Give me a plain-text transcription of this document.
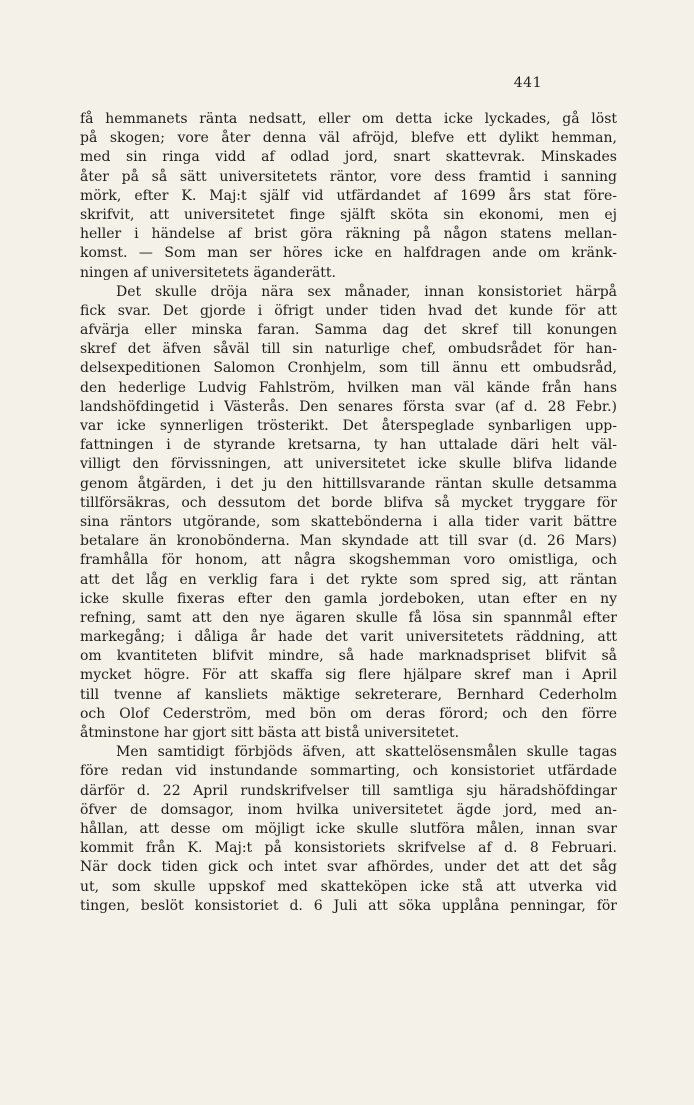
441
få hemmanets ränta nedsatt, eller om detta icke lyckades, gå löst
på skogen; vore åter denna väl afröjd, blefve ett dylikt hemman,
med sin ringa vidd af odlad jord, snart skattevrak. Minskades
åter på så sätt universitetets räntor, vore dess framtid i sanning
mörk, efter K. Maj:t själf vid utfärdandet af 1699 års stat före-
skrifvit, att universitetet finge själft sköta sin ekonomi, men ej
heller i händelse af brist göra räkning på någon statens mellan-
komst. — Som man ser höres icke en halfdragen ande om kränk-
ningen af universitetets äganderätt.
Det skulle dröja nära sex månader, innan konsistoriet härpå
fick svar. Det gjorde i öfrigt under tiden hvad det kunde för att
afvärja eller minska faran. Samma dag det skref till konungen
skref det äfven såväl till sin naturlige chef, ombudsrådet för han-
delsexpeditionen Salomon Cronhjelm, som till ännu ett ombudsråd,
den hederlige Ludvig Fahlström, hvilken man väl kände från hans
landshöfdingetid i Västerås. Den senares första svar (af d. 28 Febr.)
var icke synnerligen trösterikt. Det återspeglade synbarligen upp-
fattningen i de styrande kretsarna, ty han uttalade däri helt väl-
villigt den förvissningen, att universitetet icke skulle blifva lidande
genom åtgärden, i det ju den hittillsvarande räntan skulle detsamma
tillförsäkras, och dessutom det borde blifva så mycket tryggare för
sina räntors utgörande, som skattebönderna i alla tider varit bättre
betalare än kronobönderna. Man skyndade att till svar (d. 26 Mars)
framhålla för honom, att några skogshemman voro omistliga, och
att det låg en verklig fara i det rykte som spred sig, att räntan
icke skulle fixeras efter den gamla jordeboken, utan efter en ny
refning, samt att den nye ägaren skulle få lösa sin spannmål efter
markegång; i dåliga år hade det varit universitetets räddning, att
om kvantiteten blifvit mindre, så hade marknadspriset blifvit så
mycket högre. För att skaffa sig flere hjälpare skref man i April
till tvenne af kansliets mäktige sekreterare, Bernhard Cederholm
och Olof Cederström, med bön om deras förord; och den förre
åtminstone har gjort sitt bästa att bistå universitetet.
Men samtidigt förbjöds äfven, att skattelösensmålen skulle tagas
före redan vid instundande sommarting, och konsistoriet utfärdade
därför d. 22 April rundskrifvelser till samtliga sju häradshöfdingar
öfver de domsagor, inom hvilka universitetet ägde jord, med an-
hållan, att desse om möjligt icke skulle slutföra målen, innan svar
kommit från K. Maj:t på konsistoriets skrifvelse af d. 8 Februari.
När dock tiden gick och intet svar afhördes, under det att det såg
ut, som skulle uppskof med skatteköpen icke stå att utverka vid
tingen, beslöt konsistoriet d. 6 Juli att söka upplåna penningar, för
